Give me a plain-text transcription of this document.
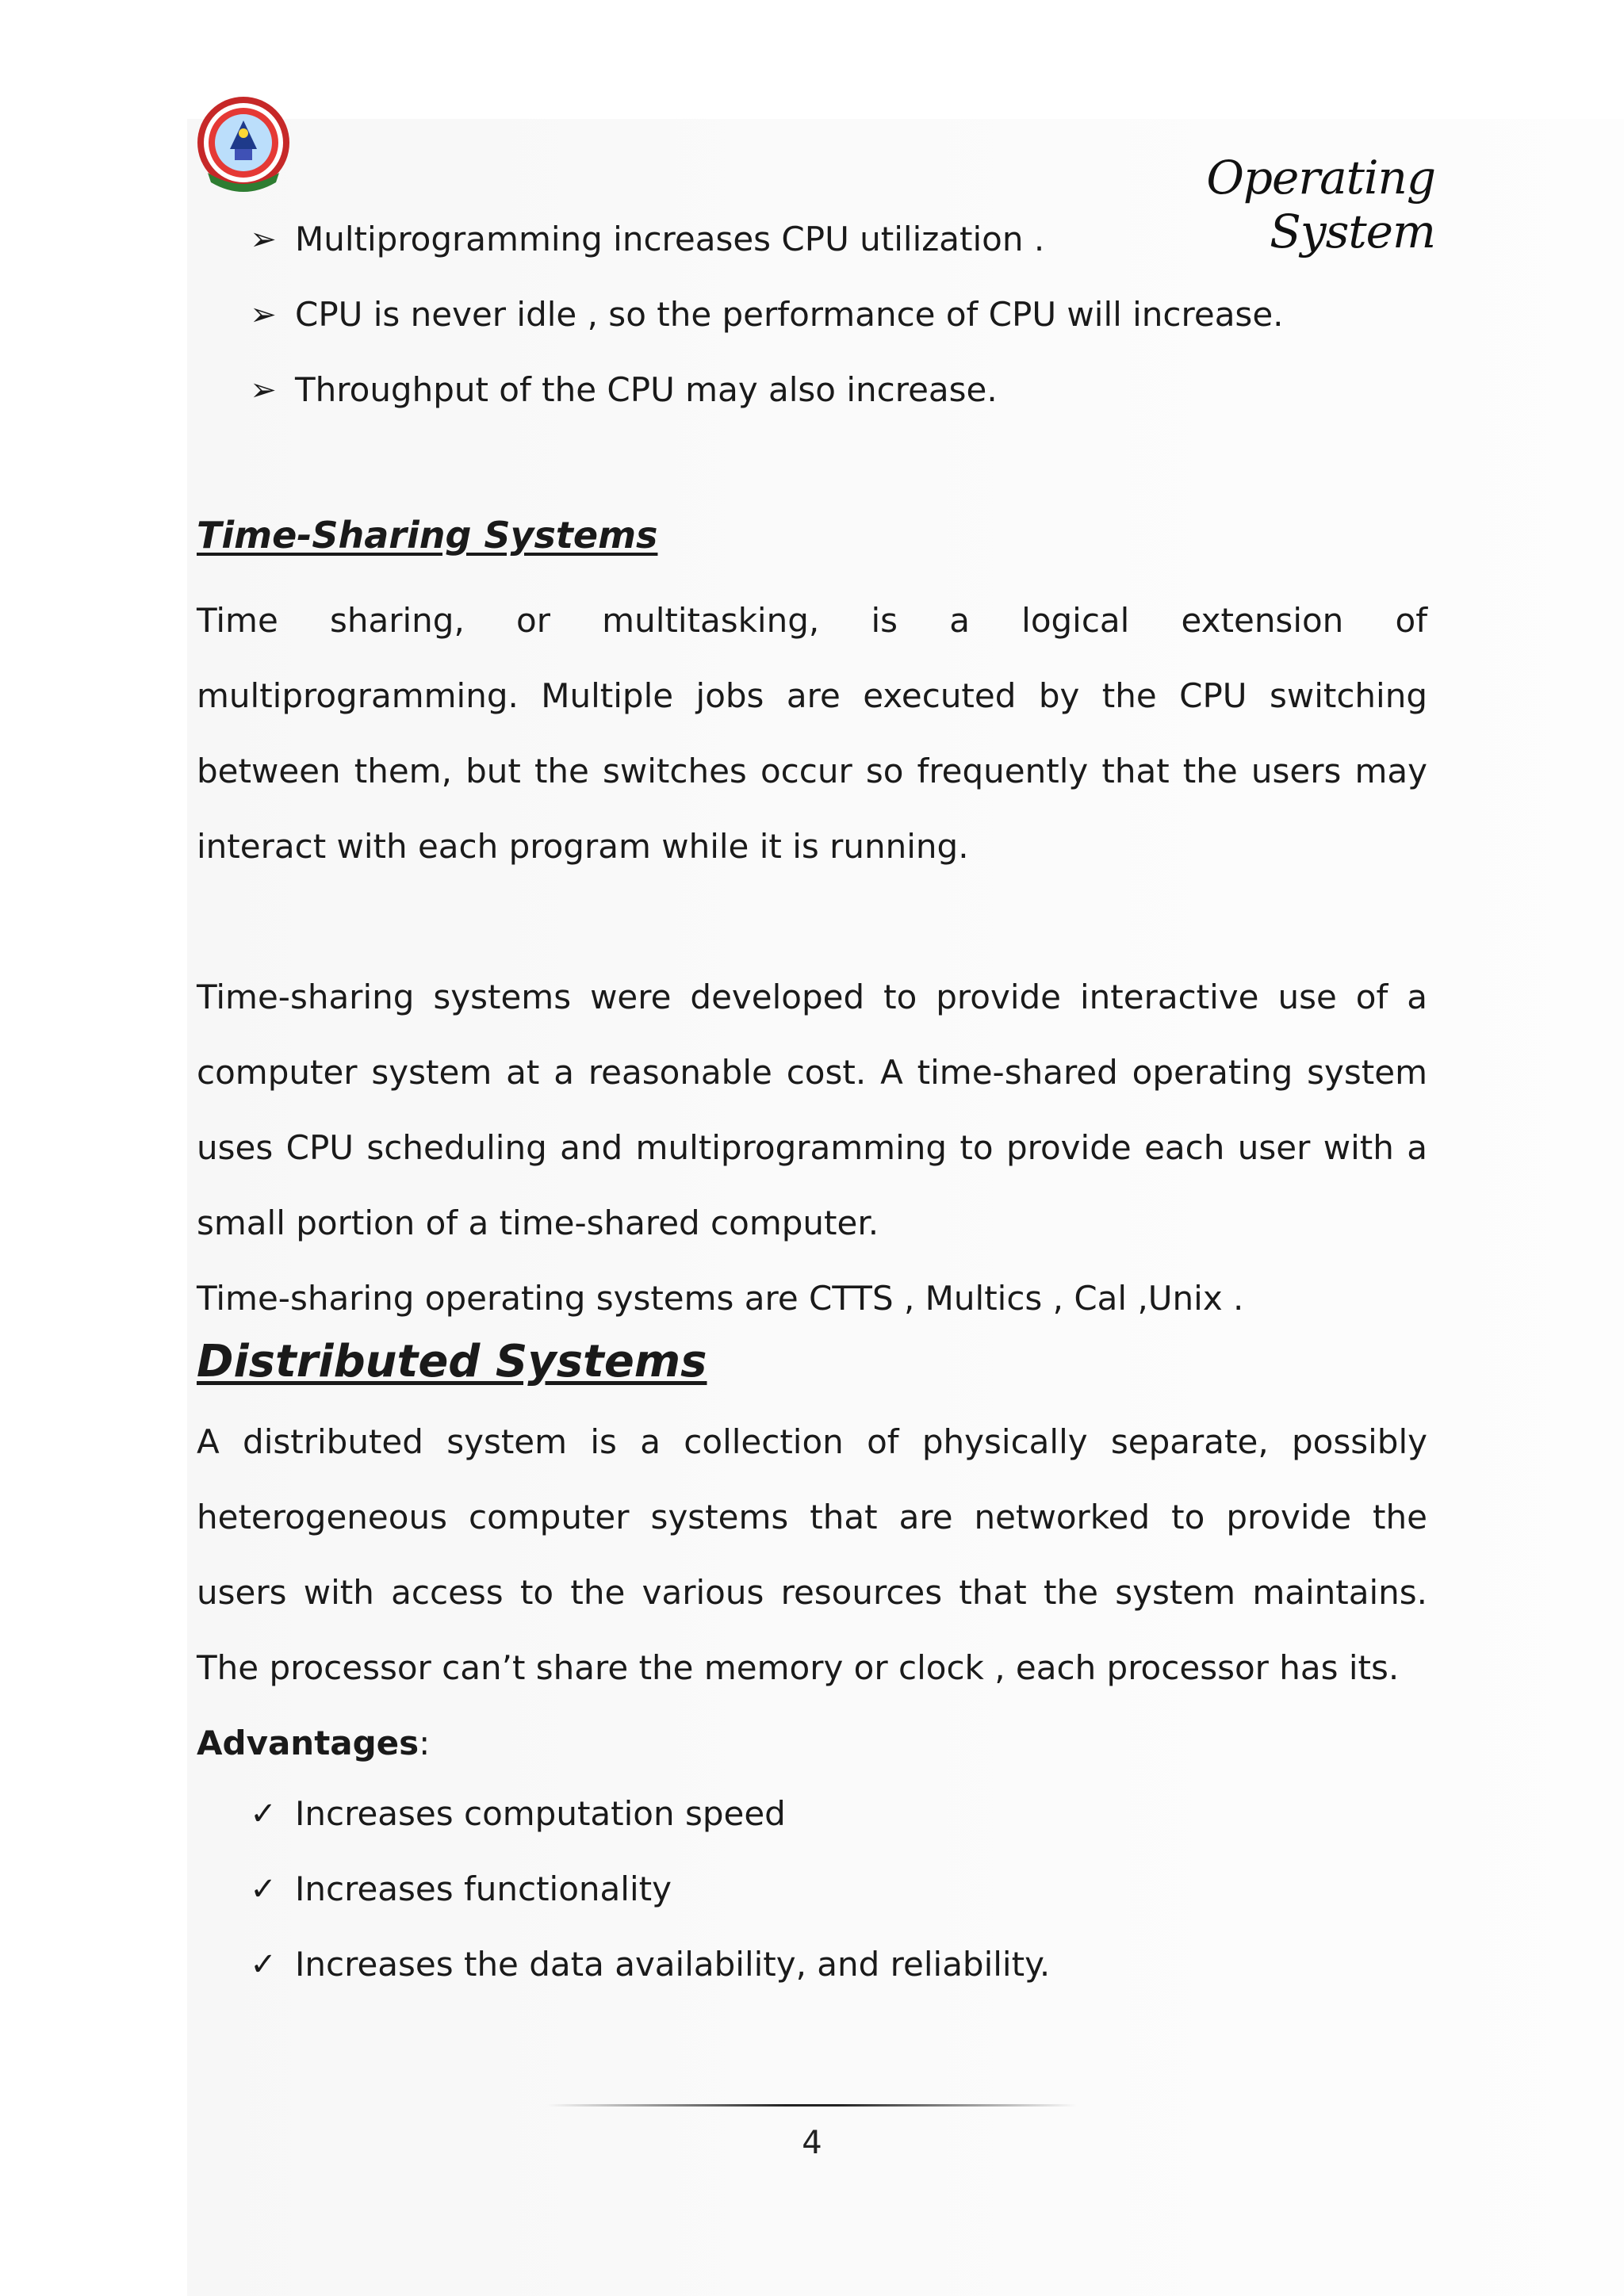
Operating System
➢ Multiprogramming increases CPU utilization .
➢ CPU is never idle , so the performance of CPU will increase.
➢ Throughput of the CPU may also increase.
Time-Sharing Systems

Time sharing, or multitasking, is a logical extension of multiprogramming. Multiple jobs are executed by the CPU switching between them, but the switches occur so frequently that the users may interact with each program while it is running.

Time-sharing systems were developed to provide interactive use of a computer system at a reasonable cost. A time-shared operating system uses CPU scheduling and multiprogramming to provide each user with a small portion of a time-shared computer.

Time-sharing operating systems are CTTS , Multics , Cal ,Unix .

Distributed Systems

A distributed system is a collection of physically separate, possibly heterogeneous computer systems that are networked to provide the users with access to the various resources that the system maintains. The processor can’t share the memory or clock , each processor has its.

Advantages:

✓ Increases computation speed
✓ Increases functionality
✓ Increases the data availability, and reliability.
4
